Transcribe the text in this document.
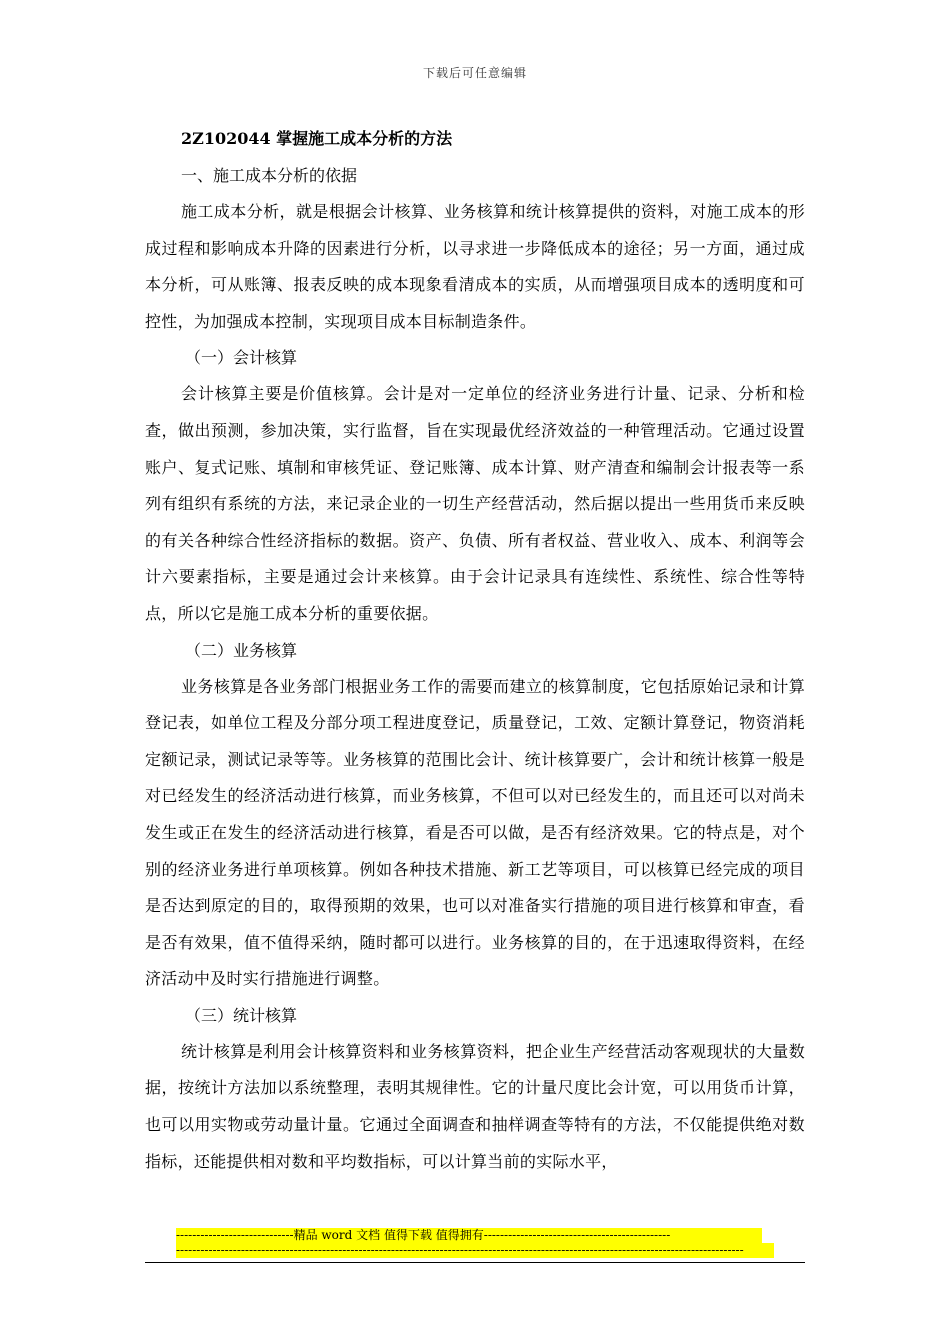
下载后可任意编辑
2Z102044 掌握施工成本分析的方法

一、施工成本分析的依据

施工成本分析，就是根据会计核算、业务核算和统计核算提供的资料，对施工成本的形成过程和影响成本升降的因素进行分析，以寻求进一步降低成本的途径；另一方面，通过成本分析，可从账簿、报表反映的成本现象看清成本的实质，从而增强项目成本的透明度和可控性，为加强成本控制，实现项目成本目标制造条件。

（一）会计核算

会计核算主要是价值核算。会计是对一定单位的经济业务进行计量、记录、分析和检查，做出预测，参加决策，实行监督，旨在实现最优经济效益的一种管理活动。它通过设置账户、复式记账、填制和审核凭证、登记账簿、成本计算、财产清查和编制会计报表等一系列有组织有系统的方法，来记录企业的一切生产经营活动，然后据以提出一些用货币来反映的有关各种综合性经济指标的数据。资产、负债、所有者权益、营业收入、成本、利润等会计六要素指标，主要是通过会计来核算。由于会计记录具有连续性、系统性、综合性等特点，所以它是施工成本分析的重要依据。

（二）业务核算

业务核算是各业务部门根据业务工作的需要而建立的核算制度，它包括原始记录和计算登记表，如单位工程及分部分项工程进度登记，质量登记，工效、定额计算登记，物资消耗定额记录，测试记录等等。业务核算的范围比会计、统计核算要广，会计和统计核算一般是对已经发生的经济活动进行核算，而业务核算，不但可以对已经发生的，而且还可以对尚未发生或正在发生的经济活动进行核算，看是否可以做，是否有经济效果。它的特点是，对个别的经济业务进行单项核算。例如各种技术措施、新工艺等项目，可以核算已经完成的项目是否达到原定的目的，取得预期的效果，也可以对准备实行措施的项目进行核算和审查，看是否有效果，值不值得采纳，随时都可以进行。业务核算的目的，在于迅速取得资料，在经济活动中及时实行措施进行调整。

（三）统计核算

统计核算是利用会计核算资料和业务核算资料，把企业生产经营活动客观现状的大量数据，按统计方法加以系统整理，表明其规律性。它的计量尺度比会计宽，可以用货币计算，也可以用实物或劳动量计量。它通过全面调查和抽样调查等特有的方法，不仅能提供绝对数指标，还能提供相对数和平均数指标，可以计算当前的实际水平，

-----------------------------精品 word 文档 值得下载 值得拥有----------------------------------------------
--------------------------------------------------------------------------------------------------------------------------------------------
